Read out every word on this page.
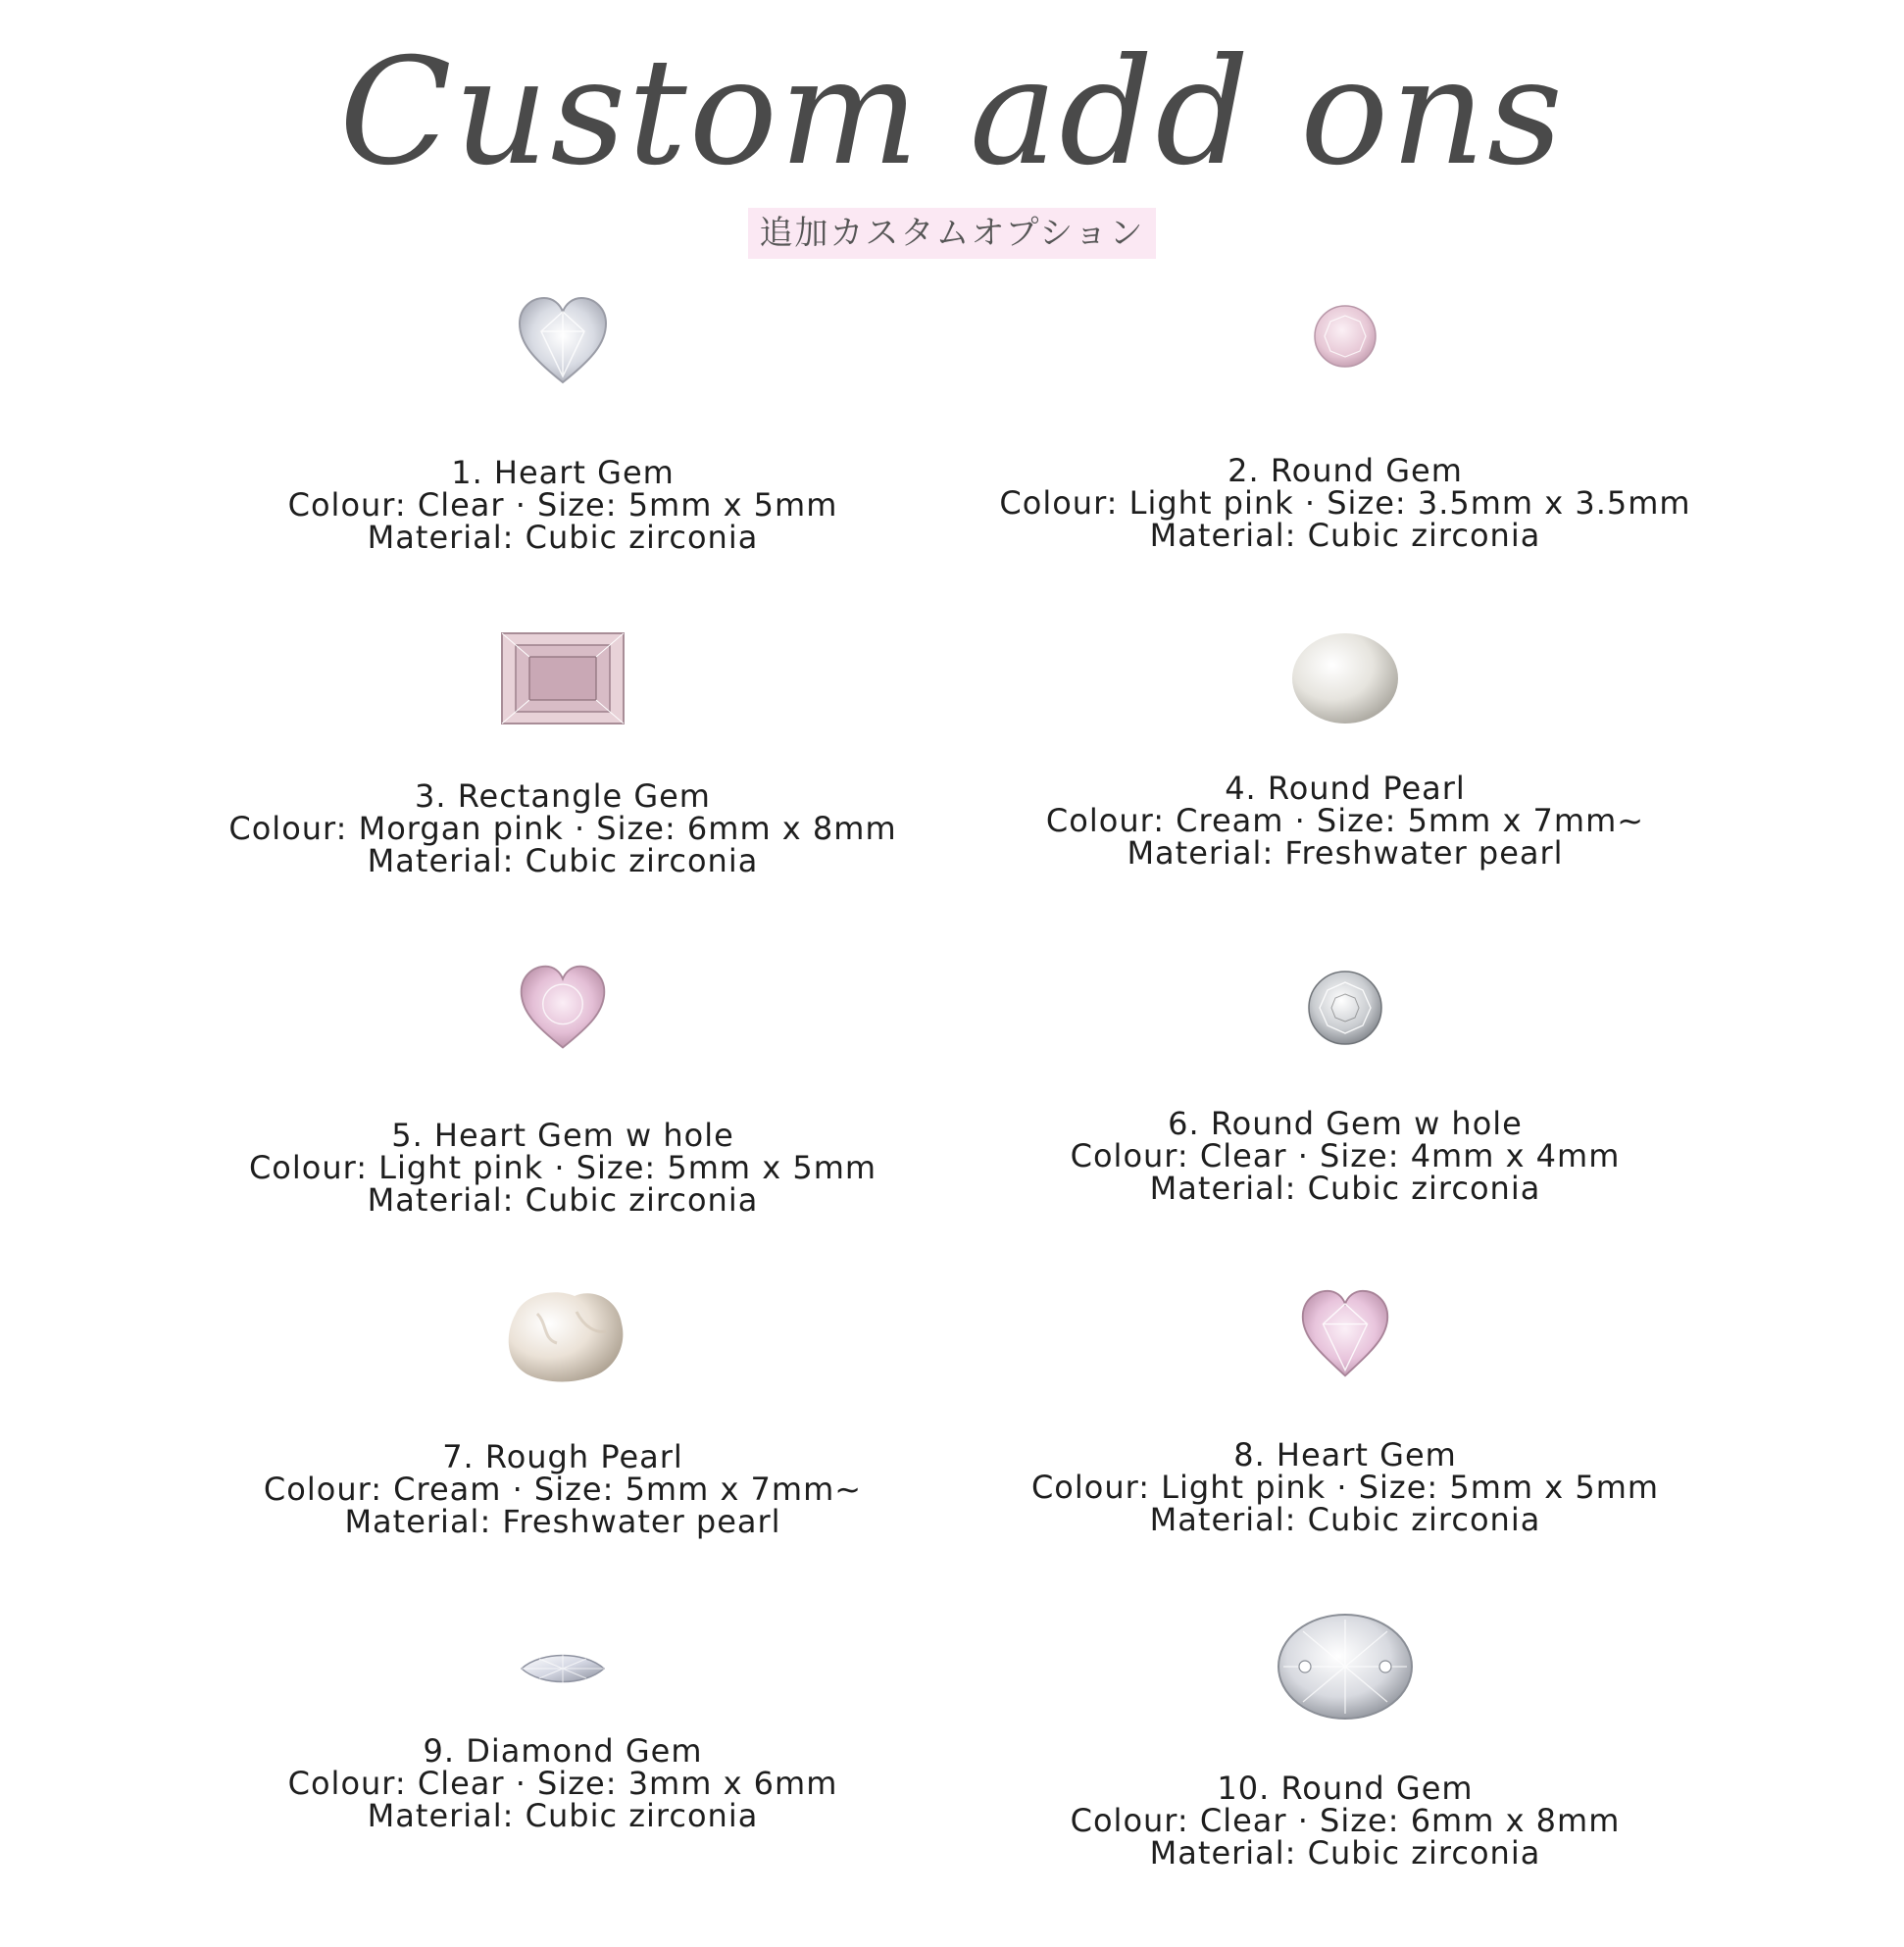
Custom add ons
追加カスタムオプション
1. Heart Gem
Colour: Clear · Size: 5mm x 5mm
Material: Cubic zirconia
2. Round Gem
Colour: Light pink · Size: 3.5mm x 3.5mm
Material: Cubic zirconia
3. Rectangle Gem
Colour: Morgan pink · Size: 6mm x 8mm
Material: Cubic zirconia
4. Round Pearl
Colour: Cream · Size: 5mm x 7mm~
Material: Freshwater pearl
5. Heart Gem w hole
Colour: Light pink · Size: 5mm x 5mm
Material: Cubic zirconia
6. Round Gem w hole
Colour: Clear · Size: 4mm x 4mm
Material: Cubic zirconia
7. Rough Pearl
Colour: Cream · Size: 5mm x 7mm~
Material: Freshwater pearl
8. Heart Gem
Colour: Light pink · Size: 5mm x 5mm
Material: Cubic zirconia
9. Diamond Gem
Colour: Clear · Size: 3mm x 6mm
Material: Cubic zirconia
10. Round Gem
Colour: Clear · Size: 6mm x 8mm
Material: Cubic zirconia
